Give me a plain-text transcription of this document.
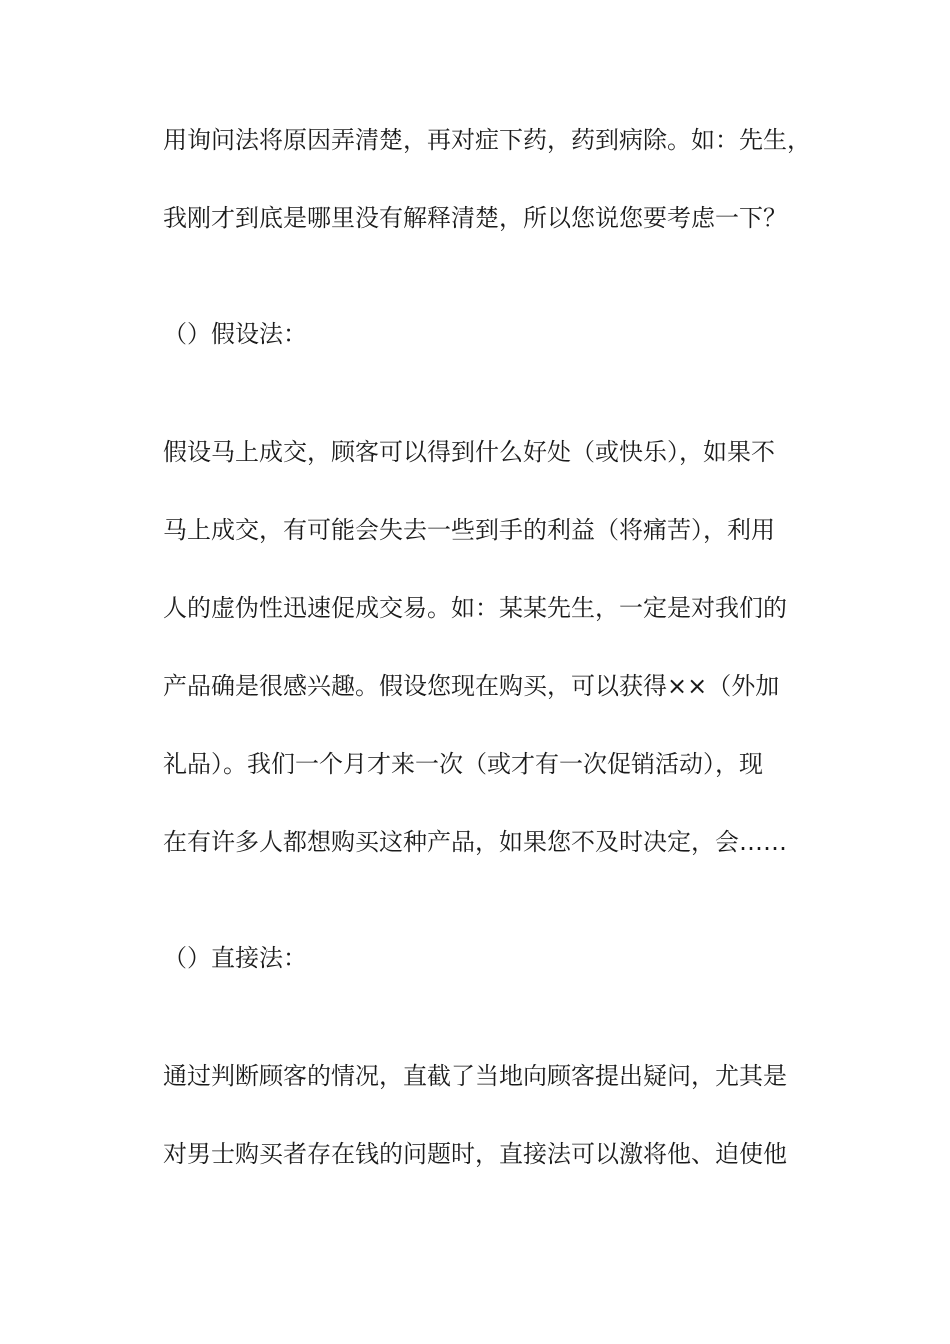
用询问法将原因弄清楚，再对症下药，药到病除。如：先生，
我刚才到底是哪里没有解释清楚，所以您说您要考虑一下？
（）假设法：
假设马上成交，顾客可以得到什么好处（或快乐），如果不
马上成交，有可能会失去一些到手的利益（将痛苦），利用
人的虚伪性迅速促成交易。如：某某先生，一定是对我们的
产品确是很感兴趣。假设您现在购买，可以获得××（外加
礼品）。我们一个月才来一次（或才有一次促销活动），现
在有许多人都想购买这种产品，如果您不及时决定，会……
（）直接法：
通过判断顾客的情况，直截了当地向顾客提出疑问，尤其是
对男士购买者存在钱的问题时，直接法可以激将他、迫使他
